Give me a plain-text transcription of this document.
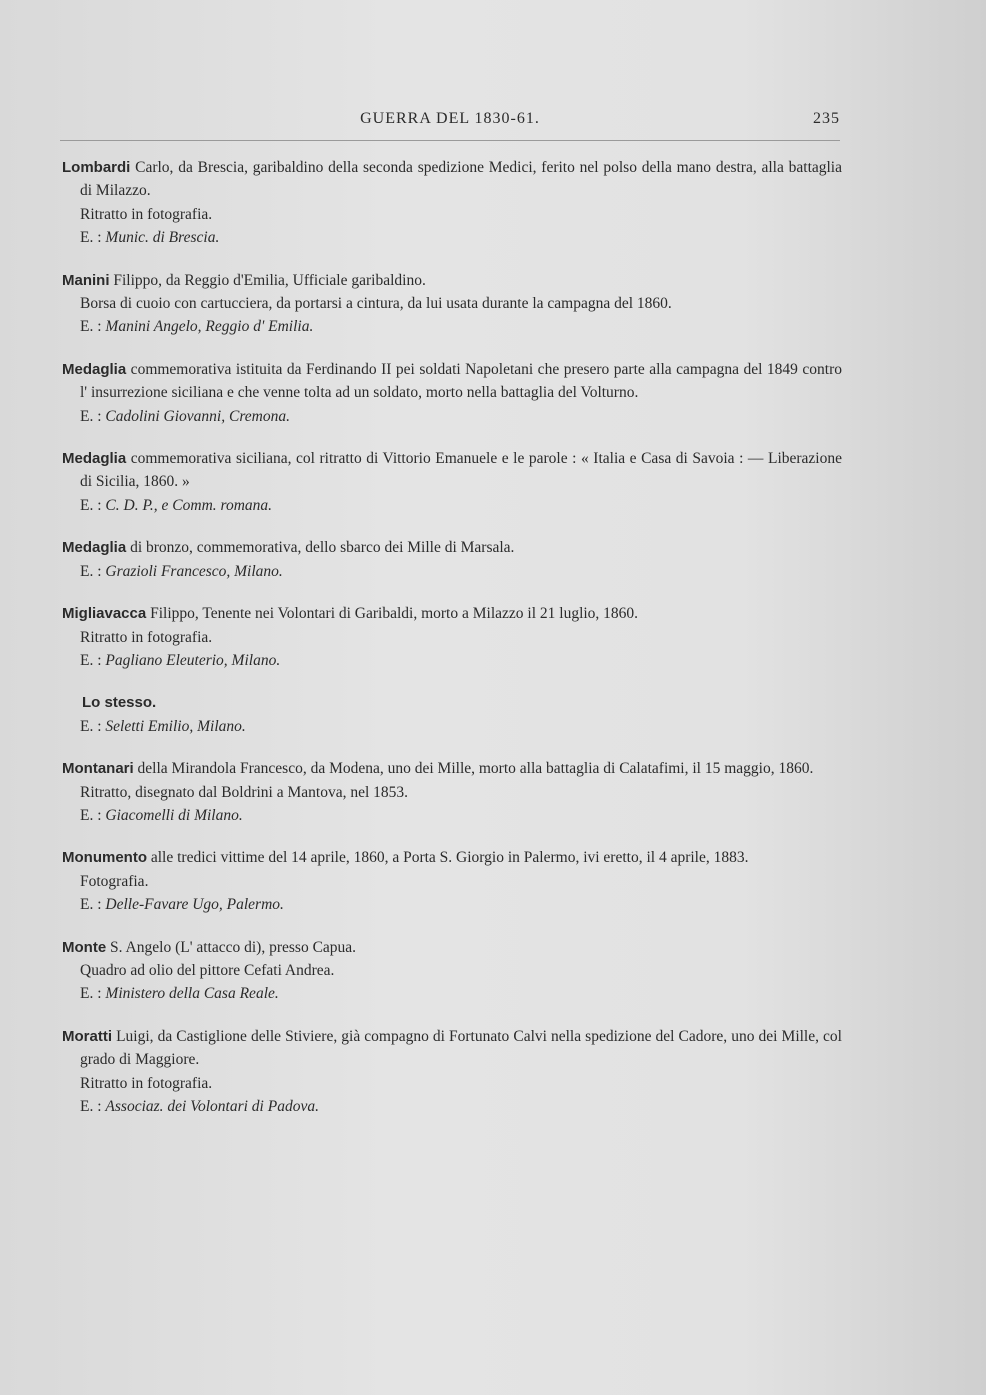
GUERRA DEL 1830-61.	235

Lombardi Carlo, da Brescia, garibaldino della seconda spedizione Medici, ferito nel polso della mano destra, alla battaglia di Milazzo.

Ritratto in fotografia.

E. : Munic. di Brescia.

Manini Filippo, da Reggio d'Emilia, Ufficiale garibaldino.

Borsa di cuoio con cartucciera, da portarsi a cintura, da lui usata durante la campagna del 1860.

E. : Manini Angelo, Reggio d' Emilia.

Medaglia commemorativa istituita da Ferdinando II pei soldati Napoletani che presero parte alla campagna del 1849 contro l' insurrezione siciliana e che venne tolta ad un soldato, morto nella battaglia del Volturno.

E. : Cadolini Giovanni, Cremona.

Medaglia commemorativa siciliana, col ritratto di Vittorio Emanuele e le parole : « Italia e Casa di Savoia : — Liberazione di Sicilia, 1860. »

E. : C. D. P., e Comm. romana.

Medaglia di bronzo, commemorativa, dello sbarco dei Mille di Marsala.

E. : Grazioli Francesco, Milano.

Migliavacca Filippo, Tenente nei Volontari di Garibaldi, morto a Milazzo il 21 luglio, 1860.

Ritratto in fotografia.

E. : Pagliano Eleuterio, Milano.

Lo stesso.

E. : Seletti Emilio, Milano.

Montanari della Mirandola Francesco, da Modena, uno dei Mille, morto alla battaglia di Calatafimi, il 15 maggio, 1860.

Ritratto, disegnato dal Boldrini a Mantova, nel 1853.

E. : Giacomelli di Milano.

Monumento alle tredici vittime del 14 aprile, 1860, a Porta S. Giorgio in Palermo, ivi eretto, il 4 aprile, 1883.

Fotografia.

E. : Delle-Favare Ugo, Palermo.

Monte S. Angelo (L' attacco di), presso Capua.

Quadro ad olio del pittore Cefati Andrea.

E. : Ministero della Casa Reale.

Moratti Luigi, da Castiglione delle Stiviere, già compagno di Fortunato Calvi nella spedizione del Cadore, uno dei Mille, col grado di Maggiore.

Ritratto in fotografia.

E. : Associaz. dei Volontari di Padova.
